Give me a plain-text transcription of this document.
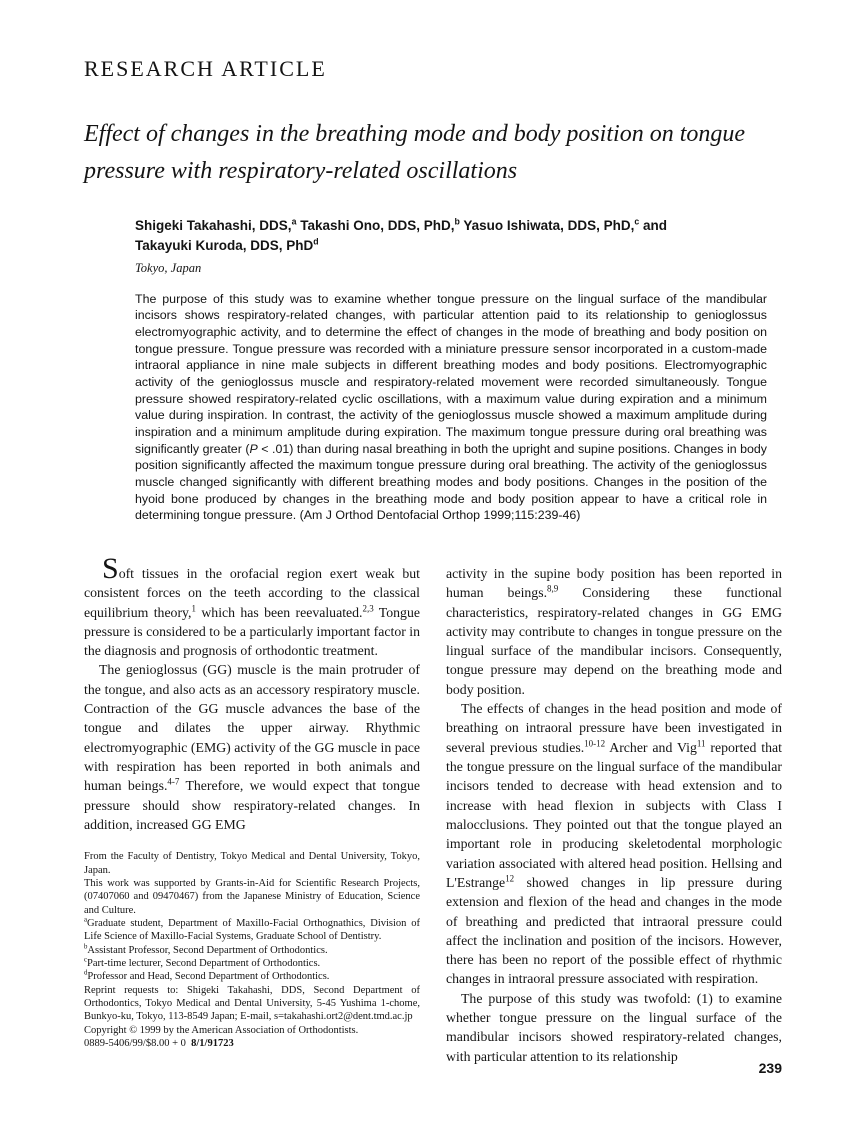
RESEARCH ARTICLE
Effect of changes in the breathing mode and body position on tongue pressure with respiratory-related oscillations

Shigeki Takahashi, DDS,$^a$ Takashi Ono, DDS, PhD,$^b$ Yasuo Ishiwata, DDS, PhD,$^c$ and
Takayuki Kuroda, DDS, PhD$^d$

Tokyo, Japan

The purpose of this study was to examine whether tongue pressure on the lingual surface of the mandibular incisors shows respiratory-related changes, with particular attention paid to its relationship to genioglossus electromyographic activity, and to determine the effect of changes in the mode of breathing and body position on tongue pressure. Tongue pressure was recorded with a miniature pressure sensor incorporated in a custom-made intraoral appliance in nine male subjects in different breathing modes and body positions. Electromyographic activity of the genioglossus muscle and respiratory-related movement were recorded simultaneously. Tongue pressure showed respiratory-related cyclic oscillations, with a maximum value during expiration and a minimum value during inspiration. In contrast, the activity of the genioglossus muscle showed a maximum amplitude during inspiration and a minimum amplitude during expiration. The maximum tongue pressure during oral breathing was significantly greater (P < .01) than during nasal breathing in both the upright and supine positions. Changes in body position significantly affected the maximum tongue pressure during oral breathing. The activity of the genioglossus muscle changed significantly with different breathing modes and body positions. Changes in the position of the hyoid bone produced by changes in the breathing mode and body position appear to have a critical role in determining tongue pressure. (Am J Orthod Dentofacial Orthop 1999;115:239-46)

Soft tissues in the orofacial region exert weak but consistent forces on the teeth according to the classical equilibrium theory,$^1$ which has been reevaluated.$^{2,3}$ Tongue pressure is considered to be a particularly important factor in the diagnosis and prognosis of orthodontic treatment.

The genioglossus (GG) muscle is the main protruder of the tongue, and also acts as an accessory respiratory muscle. Contraction of the GG muscle advances the base of the tongue and dilates the upper airway. Rhythmic electromyographic (EMG) activity of the GG muscle in pace with respiration has been reported in both animals and human beings.$^{4-7}$ Therefore, we would expect that tongue pressure should show respiratory-related changes. In addition, increased GG EMG

From the Faculty of Dentistry, Tokyo Medical and Dental University, Tokyo, Japan.

This work was supported by Grants-in-Aid for Scientific Research Projects, (07407060 and 09470467) from the Japanese Ministry of Education, Science and Culture.

$^a$Graduate student, Department of Maxillo-Facial Orthognathics, Division of Life Science of Maxillo-Facial Systems, Graduate School of Dentistry.

$^b$Assistant Professor, Second Department of Orthodontics.

$^c$Part-time lecturer, Second Department of Orthodontics.

$^d$Professor and Head, Second Department of Orthodontics.

Reprint requests to: Shigeki Takahashi, DDS, Second Department of Orthodontics, Tokyo Medical and Dental University, 5-45 Yushima 1-chome, Bunkyo-ku, Tokyo, 113-8549 Japan; E-mail, s=takahashi.ort2@dent.tmd.ac.jp

Copyright © 1999 by the American Association of Orthodontists.

0889-5406/99/$8.00 + 0  8/1/91723

activity in the supine body position has been reported in human beings.$^{8,9}$ Considering these functional characteristics, respiratory-related changes in GG EMG activity may contribute to changes in tongue pressure on the lingual surface of the mandibular incisors. Consequently, tongue pressure may depend on the breathing mode and body position.

The effects of changes in the head position and mode of breathing on intraoral pressure have been investigated in several previous studies.$^{10-12}$ Archer and Vig$^{11}$ reported that the tongue pressure on the lingual surface of the mandibular incisors tended to decrease with head extension and to increase with head flexion in subjects with Class I malocclusions. They pointed out that the tongue played an important role in producing skeletodental morphologic variation associated with altered head position. Hellsing and L'Estrange$^{12}$ showed changes in lip pressure during extension and flexion of the head and changes in the mode of breathing and predicted that intraoral pressure could affect the inclination and position of the incisors. However, there has been no report of the possible effect of rhythmic changes in intraoral pressure associated with respiration.

The purpose of this study was twofold: (1) to examine whether tongue pressure on the lingual surface of the mandibular incisors showed respiratory-related changes, with particular attention to its relationship

239
